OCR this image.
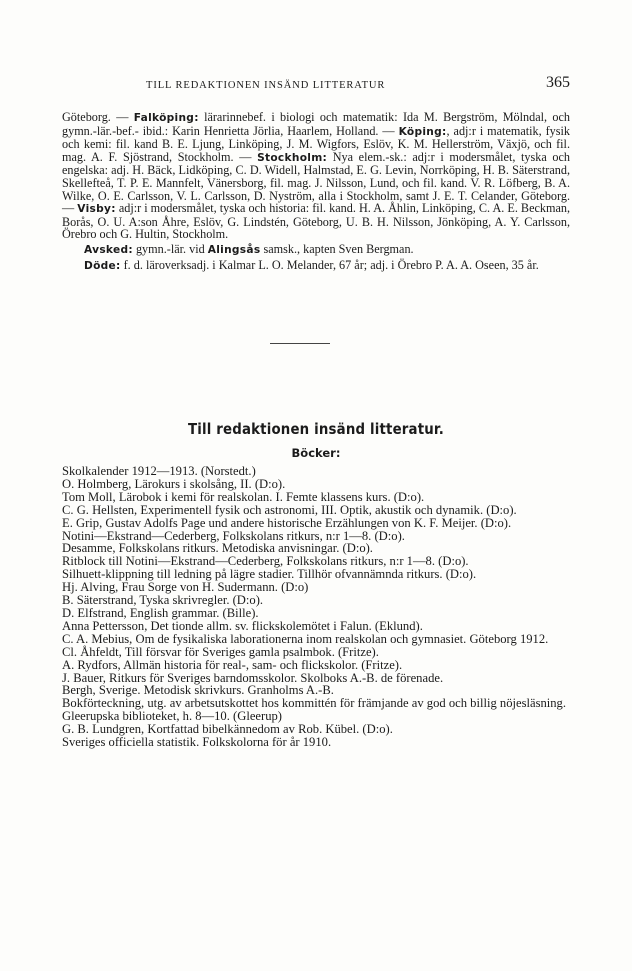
TILL REDAKTIONEN INSÄND LITTERATUR	365

Göteborg. — Falköping: lärarinnebef. i biologi och matematik: Ida M. Bergström, Mölndal, och gymn.-lär.-bef.- ibid.: Karin Henrietta Jörlia, Haarlem, Holland. — Köping:, adj:r i matematik, fysik och kemi: fil. kand B. E. Ljung, Linköping, J. M. Wigfors, Eslöv, K. M. Hellerström, Växjö, och fil. mag. A. F. Sjöstrand, Stockholm. — Stockholm: Nya elem.-sk.: adj:r i modersmålet, tyska och engelska: adj. H. Bäck, Lidköping, C. D. Widell, Halmstad, E. G. Levin, Norrköping, H. B. Säterstrand, Skellefteå, T. P. E. Mannfelt, Vänersborg, fil. mag. J. Nilsson, Lund, och fil. kand. V. R. Löfberg, B. A. Wilke, O. E. Carlsson, V. L. Carlsson, D. Nyström, alla i Stockholm, samt J. E. T. Celander, Göteborg. — Visby: adj:r i modersmålet, tyska och historia: fil. kand. H. A. Åhlin, Linköping, C. A. E. Beckman, Borås, O. U. A:son Åhre, Eslöv, G. Lindstén, Göteborg, U. B. H. Nilsson, Jönköping, A. Y. Carlsson, Örebro och G. Hultin, Stockholm.

Avsked: gymn.-lär. vid Alingsås samsk., kapten Sven Bergman.

Döde: f. d. läroverksadj. i Kalmar L. O. Melander, 67 år; adj. i Örebro P. A. A. Oseen, 35 år.

Till redaktionen insänd litteratur.
Böcker:

Skolkalender 1912—1913. (Norstedt.)

O. Holmberg, Lärokurs i skolsång, II. (D:o).

Tom Moll, Lärobok i kemi för realskolan. I. Femte klassens kurs. (D:o).

C. G. Hellsten, Experimentell fysik och astronomi, III. Optik, akustik och dynamik. (D:o).

E. Grip, Gustav Adolfs Page und andere historische Erzählungen von K. F. Meijer. (D:o).

Notini—Ekstrand—Cederberg, Folkskolans ritkurs, n:r 1—8. (D:o).

Desamme, Folkskolans ritkurs. Metodiska anvisningar. (D:o).

Ritblock till Notini—Ekstrand—Cederberg, Folkskolans ritkurs, n:r 1—8. (D:o).

Silhuett-klippning till ledning på lägre stadier. Tillhör ofvannämnda ritkurs. (D:o).

Hj. Alving, Frau Sorge von H. Sudermann. (D:o)

B. Säterstrand, Tyska skrivregler. (D:o).

D. Elfstrand, English grammar. (Bille).

Anna Pettersson, Det tionde allm. sv. flickskolemötet i Falun. (Eklund).

C. A. Mebius, Om de fysikaliska laborationerna inom realskolan och gymnasiet. Göteborg 1912.

Cl. Åhfeldt, Till försvar för Sveriges gamla psalmbok. (Fritze).

A. Rydfors, Allmän historia för real-, sam- och flickskolor. (Fritze).

J. Bauer, Ritkurs för Sveriges barndomsskolor. Skolboks A.-B. de förenade.

Bergh, Sverige. Metodisk skrivkurs. Granholms A.-B.

Bokförteckning, utg. av arbetsutskottet hos kommittén för främjande av god och billig nöjesläsning.

Gleerupska biblioteket, h. 8—10. (Gleerup)

G. B. Lundgren, Kortfattad bibelkännedom av Rob. Kübel. (D:o).

Sveriges officiella statistik. Folkskolorna för år 1910.
